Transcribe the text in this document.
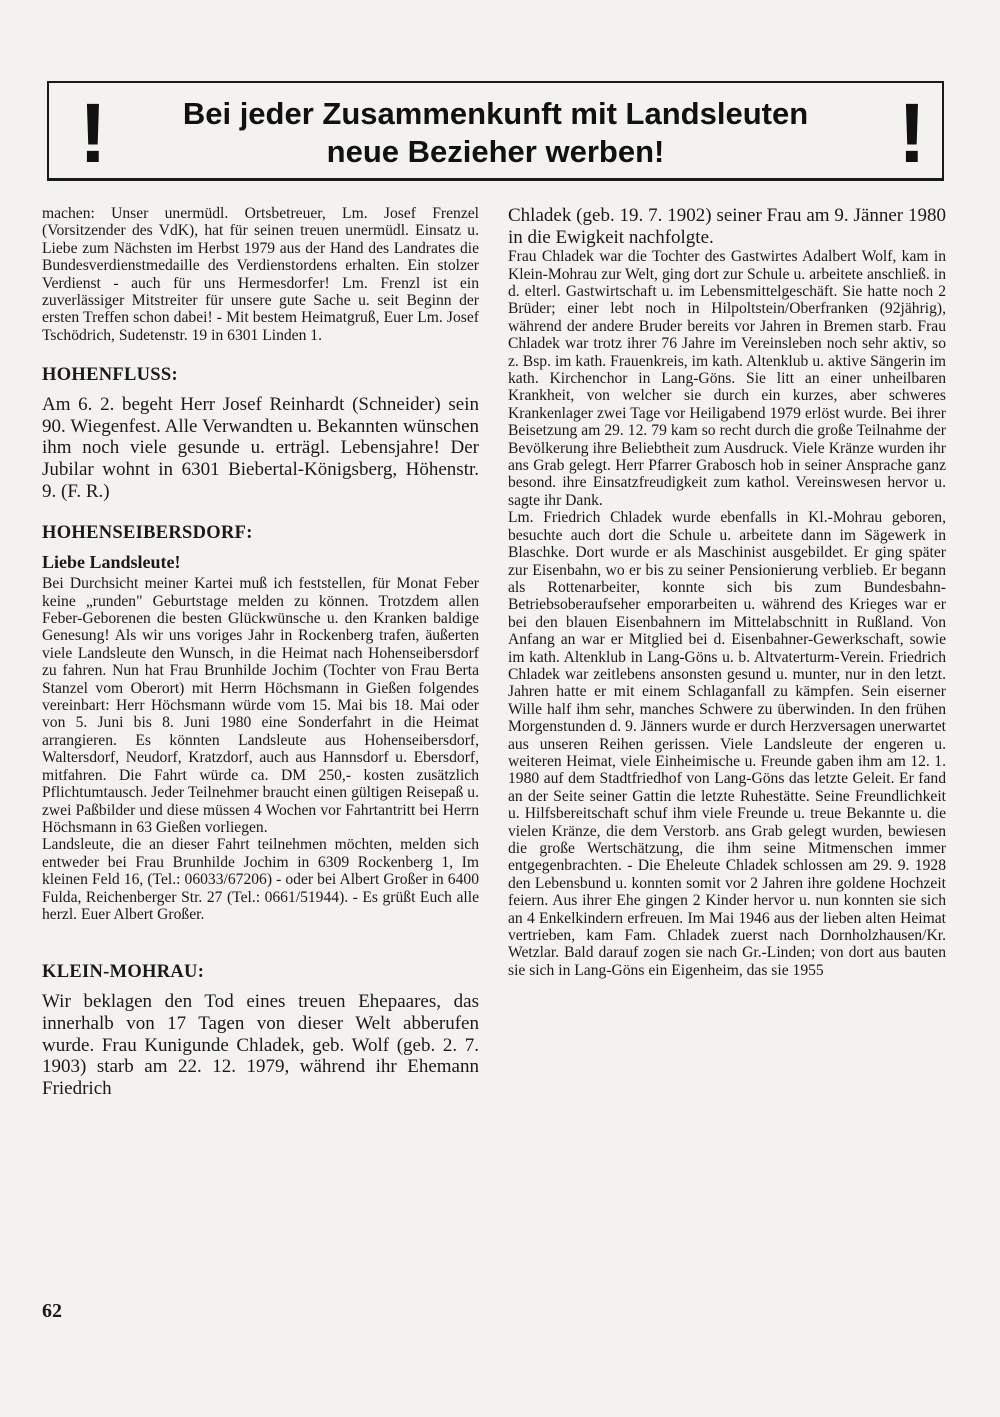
!	Bei jeder Zusammenkunft mit Landsleuten
neue Bezieher werben!	!

machen: Unser unermüdl. Ortsbetreuer, Lm. Josef Frenzel (Vorsitzender des VdK), hat für seinen treuen unermüdl. Einsatz u. Liebe zum Nächsten im Herbst 1979 aus der Hand des Landrates die Bundesverdienstmedaille des Verdienstordens erhalten. Ein stolzer Verdienst - auch für uns Hermesdorfer! Lm. Frenzl ist ein zuverlässiger Mitstreiter für unsere gute Sache u. seit Beginn der ersten Treffen schon dabei! - Mit bestem Heimatgruß, Euer Lm. Josef Tschödrich, Sudetenstr. 19 in 6301 Linden 1.

HOHENFLUSS:

Am 6. 2. begeht Herr Josef Reinhardt (Schneider) sein 90. Wiegenfest. Alle Verwandten u. Bekannten wünschen ihm noch viele gesunde u. erträgl. Lebensjahre! Der Jubilar wohnt in 6301 Biebertal-Königsberg, Höhenstr. 9. (F. R.)

HOHENSEIBERSDORF:
Liebe Landsleute!

Bei Durchsicht meiner Kartei muß ich feststellen, für Monat Feber keine „runden" Geburtstage melden zu können. Trotzdem allen Feber-Geborenen die besten Glückwünsche u. den Kranken baldige Genesung! Als wir uns voriges Jahr in Rockenberg trafen, äußerten viele Landsleute den Wunsch, in die Heimat nach Hohenseibersdorf zu fahren. Nun hat Frau Brunhilde Jochim (Tochter von Frau Berta Stanzel vom Oberort) mit Herrn Höchsmann in Gießen folgendes vereinbart: Herr Höchsmann würde vom 15. Mai bis 18. Mai oder von 5. Juni bis 8. Juni 1980 eine Sonderfahrt in die Heimat arrangieren. Es könnten Landsleute aus Hohenseibersdorf, Waltersdorf, Neudorf, Kratzdorf, auch aus Hannsdorf u. Ebersdorf, mitfahren. Die Fahrt würde ca. DM 250,- kosten zusätzlich Pflichtumtausch. Jeder Teilnehmer braucht einen gültigen Reisepaß u. zwei Paßbilder und diese müssen 4 Wochen vor Fahrtantritt bei Herrn Höchsmann in 63 Gießen vorliegen.

Landsleute, die an dieser Fahrt teilnehmen möchten, melden sich entweder bei Frau Brunhilde Jochim in 6309 Rockenberg 1, Im kleinen Feld 16, (Tel.: 06033/67206) - oder bei Albert Großer in 6400 Fulda, Reichenberger Str. 27 (Tel.: 0661/51944). - Es grüßt Euch alle herzl. Euer Albert Großer.

KLEIN-MOHRAU:

Wir beklagen den Tod eines treuen Ehepaares, das innerhalb von 17 Tagen von dieser Welt abberufen wurde. Frau Kunigunde Chladek, geb. Wolf (geb. 2. 7. 1903) starb am 22. 12. 1979, während ihr Ehemann Friedrich

Chladek (geb. 19. 7. 1902) seiner Frau am 9. Jänner 1980 in die Ewigkeit nachfolgte.

Frau Chladek war die Tochter des Gastwirtes Adalbert Wolf, kam in Klein-Mohrau zur Welt, ging dort zur Schule u. arbeitete anschließ. in d. elterl. Gastwirtschaft u. im Lebensmittelgeschäft. Sie hatte noch 2 Brüder; einer lebt noch in Hilpoltstein/Oberfranken (92jährig), während der andere Bruder bereits vor Jahren in Bremen starb. Frau Chladek war trotz ihrer 76 Jahre im Vereinsleben noch sehr aktiv, so z. Bsp. im kath. Frauenkreis, im kath. Altenklub u. aktive Sängerin im kath. Kirchenchor in Lang-Göns. Sie litt an einer unheilbaren Krankheit, von welcher sie durch ein kurzes, aber schweres Krankenlager zwei Tage vor Heiligabend 1979 erlöst wurde. Bei ihrer Beisetzung am 29. 12. 79 kam so recht durch die große Teilnahme der Bevölkerung ihre Beliebtheit zum Ausdruck. Viele Kränze wurden ihr ans Grab gelegt. Herr Pfarrer Grabosch hob in seiner Ansprache ganz besond. ihre Einsatzfreudigkeit zum kathol. Vereinswesen hervor u. sagte ihr Dank.

Lm. Friedrich Chladek wurde ebenfalls in Kl.-Mohrau geboren, besuchte auch dort die Schule u. arbeitete dann im Sägewerk in Blaschke. Dort wurde er als Maschinist ausgebildet. Er ging später zur Eisenbahn, wo er bis zu seiner Pensionierung verblieb. Er begann als Rottenarbeiter, konnte sich bis zum Bundesbahn-Betriebsoberaufseher emporarbeiten u. während des Krieges war er bei den blauen Eisenbahnern im Mittelabschnitt in Rußland. Von Anfang an war er Mitglied bei d. Eisenbahner-Gewerkschaft, sowie im kath. Altenklub in Lang-Göns u. b. Altvaterturm-Verein. Friedrich Chladek war zeitlebens ansonsten gesund u. munter, nur in den letzt. Jahren hatte er mit einem Schlaganfall zu kämpfen. Sein eiserner Wille half ihm sehr, manches Schwere zu überwinden. In den frühen Morgenstunden d. 9. Jänners wurde er durch Herzversagen unerwartet aus unseren Reihen gerissen. Viele Landsleute der engeren u. weiteren Heimat, viele Einheimische u. Freunde gaben ihm am 12. 1. 1980 auf dem Stadtfriedhof von Lang-Göns das letzte Geleit. Er fand an der Seite seiner Gattin die letzte Ruhestätte. Seine Freundlichkeit u. Hilfsbereitschaft schuf ihm viele Freunde u. treue Bekannte u. die vielen Kränze, die dem Verstorb. ans Grab gelegt wurden, bewiesen die große Wertschätzung, die ihm seine Mitmenschen immer entgegenbrachten. - Die Eheleute Chladek schlossen am 29. 9. 1928 den Lebensbund u. konnten somit vor 2 Jahren ihre goldene Hochzeit feiern. Aus ihrer Ehe gingen 2 Kinder hervor u. nun konnten sie sich an 4 Enkelkindern erfreuen. Im Mai 1946 aus der lieben alten Heimat vertrieben, kam Fam. Chladek zuerst nach Dornholzhausen/Kr. Wetzlar. Bald darauf zogen sie nach Gr.-Linden; von dort aus bauten sie sich in Lang-Göns ein Eigenheim, das sie 1955

62
